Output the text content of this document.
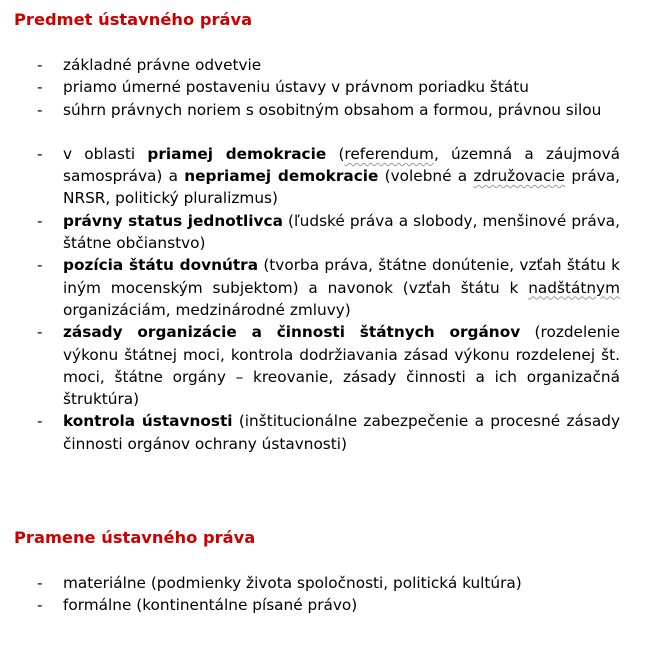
Predmet ústavného práva
-	základné právne odvetvie
-	priamo úmerné postaveniu ústavy v právnom poriadku štátu
-	súhrn právnych noriem s osobitným obsahom a formou, právnou silou
-	v oblasti priamej demokracie (referendum, územná a záujmová samospráva) a nepriamej demokracie (volebné a združovacie práva, NRSR, politický pluralizmus)
-	právny status jednotlivca (ľudské práva a slobody, menšinové práva, štátne občianstvo)
-	pozícia štátu dovnútra (tvorba práva, štátne donútenie, vzťah štátu k iným mocenským subjektom) a navonok (vzťah štátu k nadštátnym organizáciám, medzinárodné zmluvy)
-	zásady organizácie a činnosti štátnych orgánov (rozdelenie výkonu štátnej moci, kontrola dodržiavania zásad výkonu rozdelenej št. moci, štátne orgány – kreovanie, zásady činnosti a ich organizačná štruktúra)
-	kontrola ústavnosti (inštitucionálne zabezpečenie a procesné zásady činnosti orgánov ochrany ústavnosti)
Pramene ústavného práva
-	materiálne (podmienky života spoločnosti, politická kultúra)
-	formálne (kontinentálne písané právo)
